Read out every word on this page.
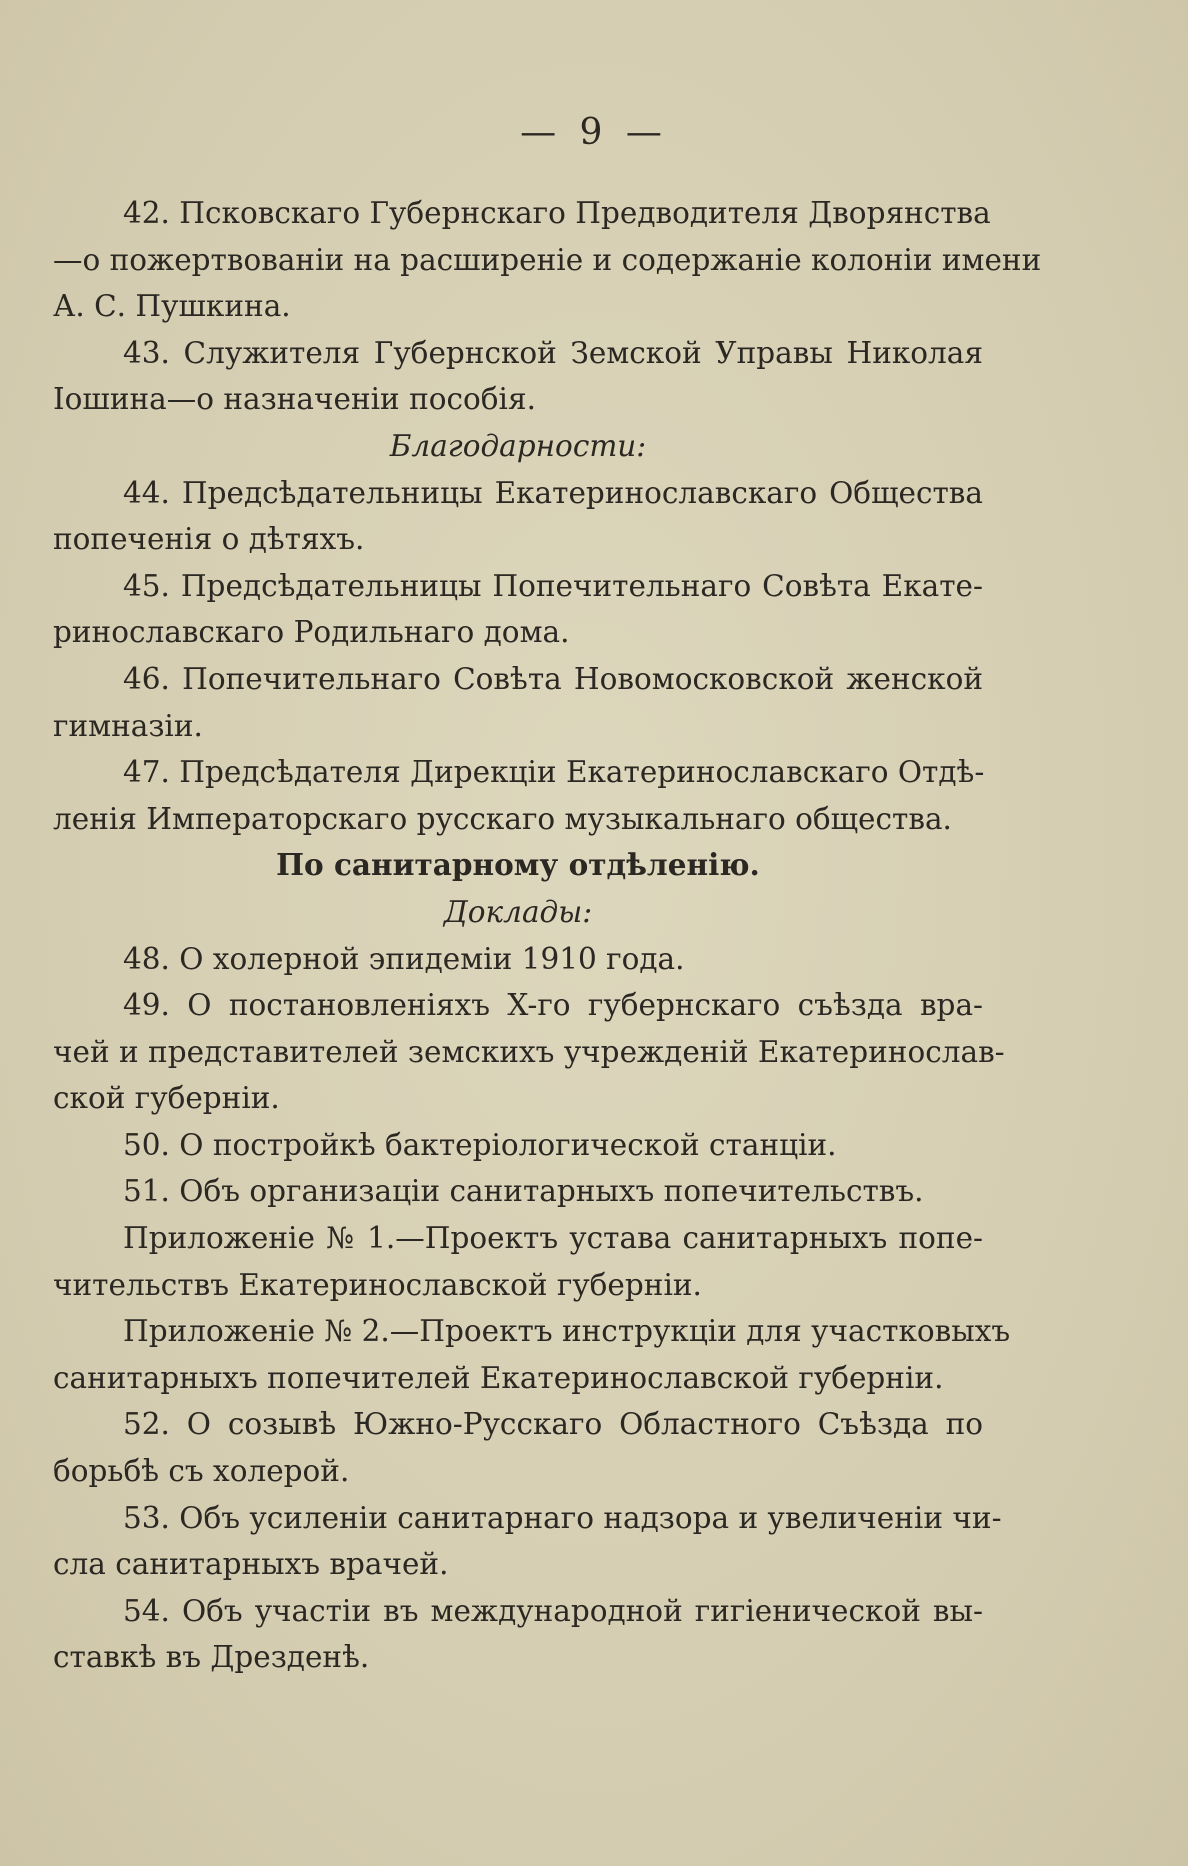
— 9 —
42. Псковскаго Губернскаго Предводителя Дворянства
—о пожертвованіи на расширеніе и содержаніе колоніи имени
А. С. Пушкина.
43. Служителя Губернской Земской Управы Николая
Іошина—о назначеніи пособія.
Благодарности:
44. Предсѣдательницы Екатеринославскаго Общества
попеченія о дѣтяхъ.
45. Предсѣдательницы Попечительнаго Совѣта Екате-
ринославскаго Родильнаго дома.
46. Попечительнаго Совѣта Новомосковской женской
гимназіи.
47. Предсѣдателя Дирекціи Екатеринославскаго Отдѣ-
ленія Императорскаго русскаго музыкальнаго общества.
По санитарному отдѣленію.
Доклады:
48. О холерной эпидеміи 1910 года.
49. О постановленіяхъ X-го губернскаго съѣзда вра-
чей и представителей земскихъ учрежденій Екатеринослав-
ской губерніи.
50. О постройкѣ бактеріологической станціи.
51. Объ организаціи санитарныхъ попечительствъ.
Приложеніе № 1.—Проектъ устава санитарныхъ попе-
чительствъ Екатеринославской губерніи.
Приложеніе № 2.—Проектъ инструкціи для участковыхъ
санитарныхъ попечителей Екатеринославской губерніи.
52. О созывѣ Южно-Русскаго Областного Съѣзда по
борьбѣ съ холерой.
53. Объ усиленіи санитарнаго надзора и увеличеніи чи-
сла санитарныхъ врачей.
54. Объ участіи въ международной гигіенической вы-
ставкѣ въ Дрезденѣ.
